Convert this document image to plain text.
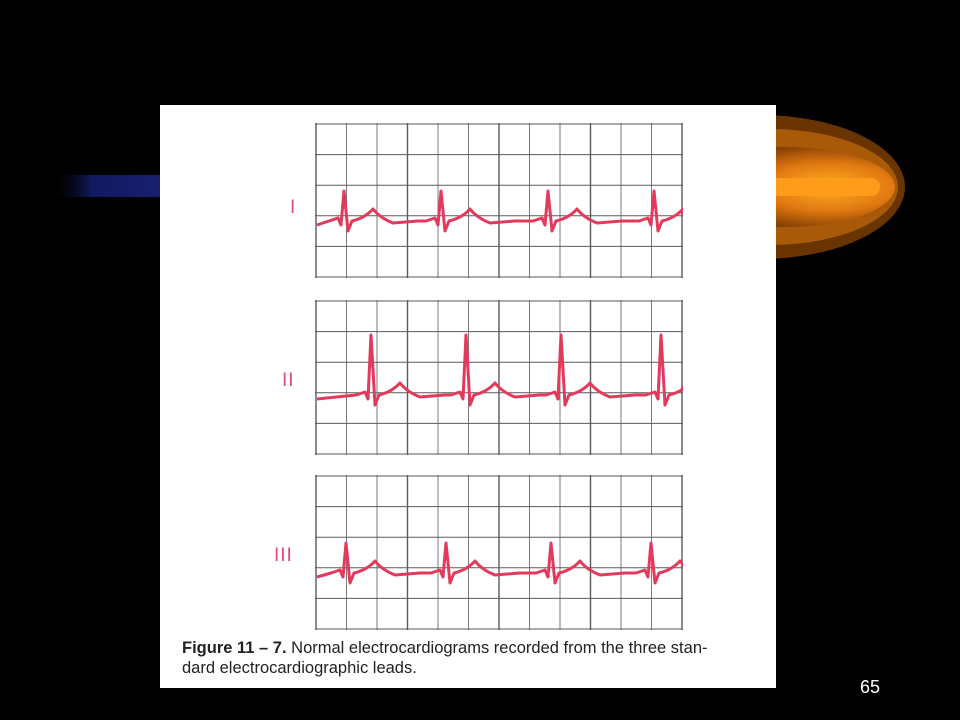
I
II
III
Figure 11 – 7. Normal electrocardiograms recorded from the three stan-
dard electrocardiographic leads.
65
